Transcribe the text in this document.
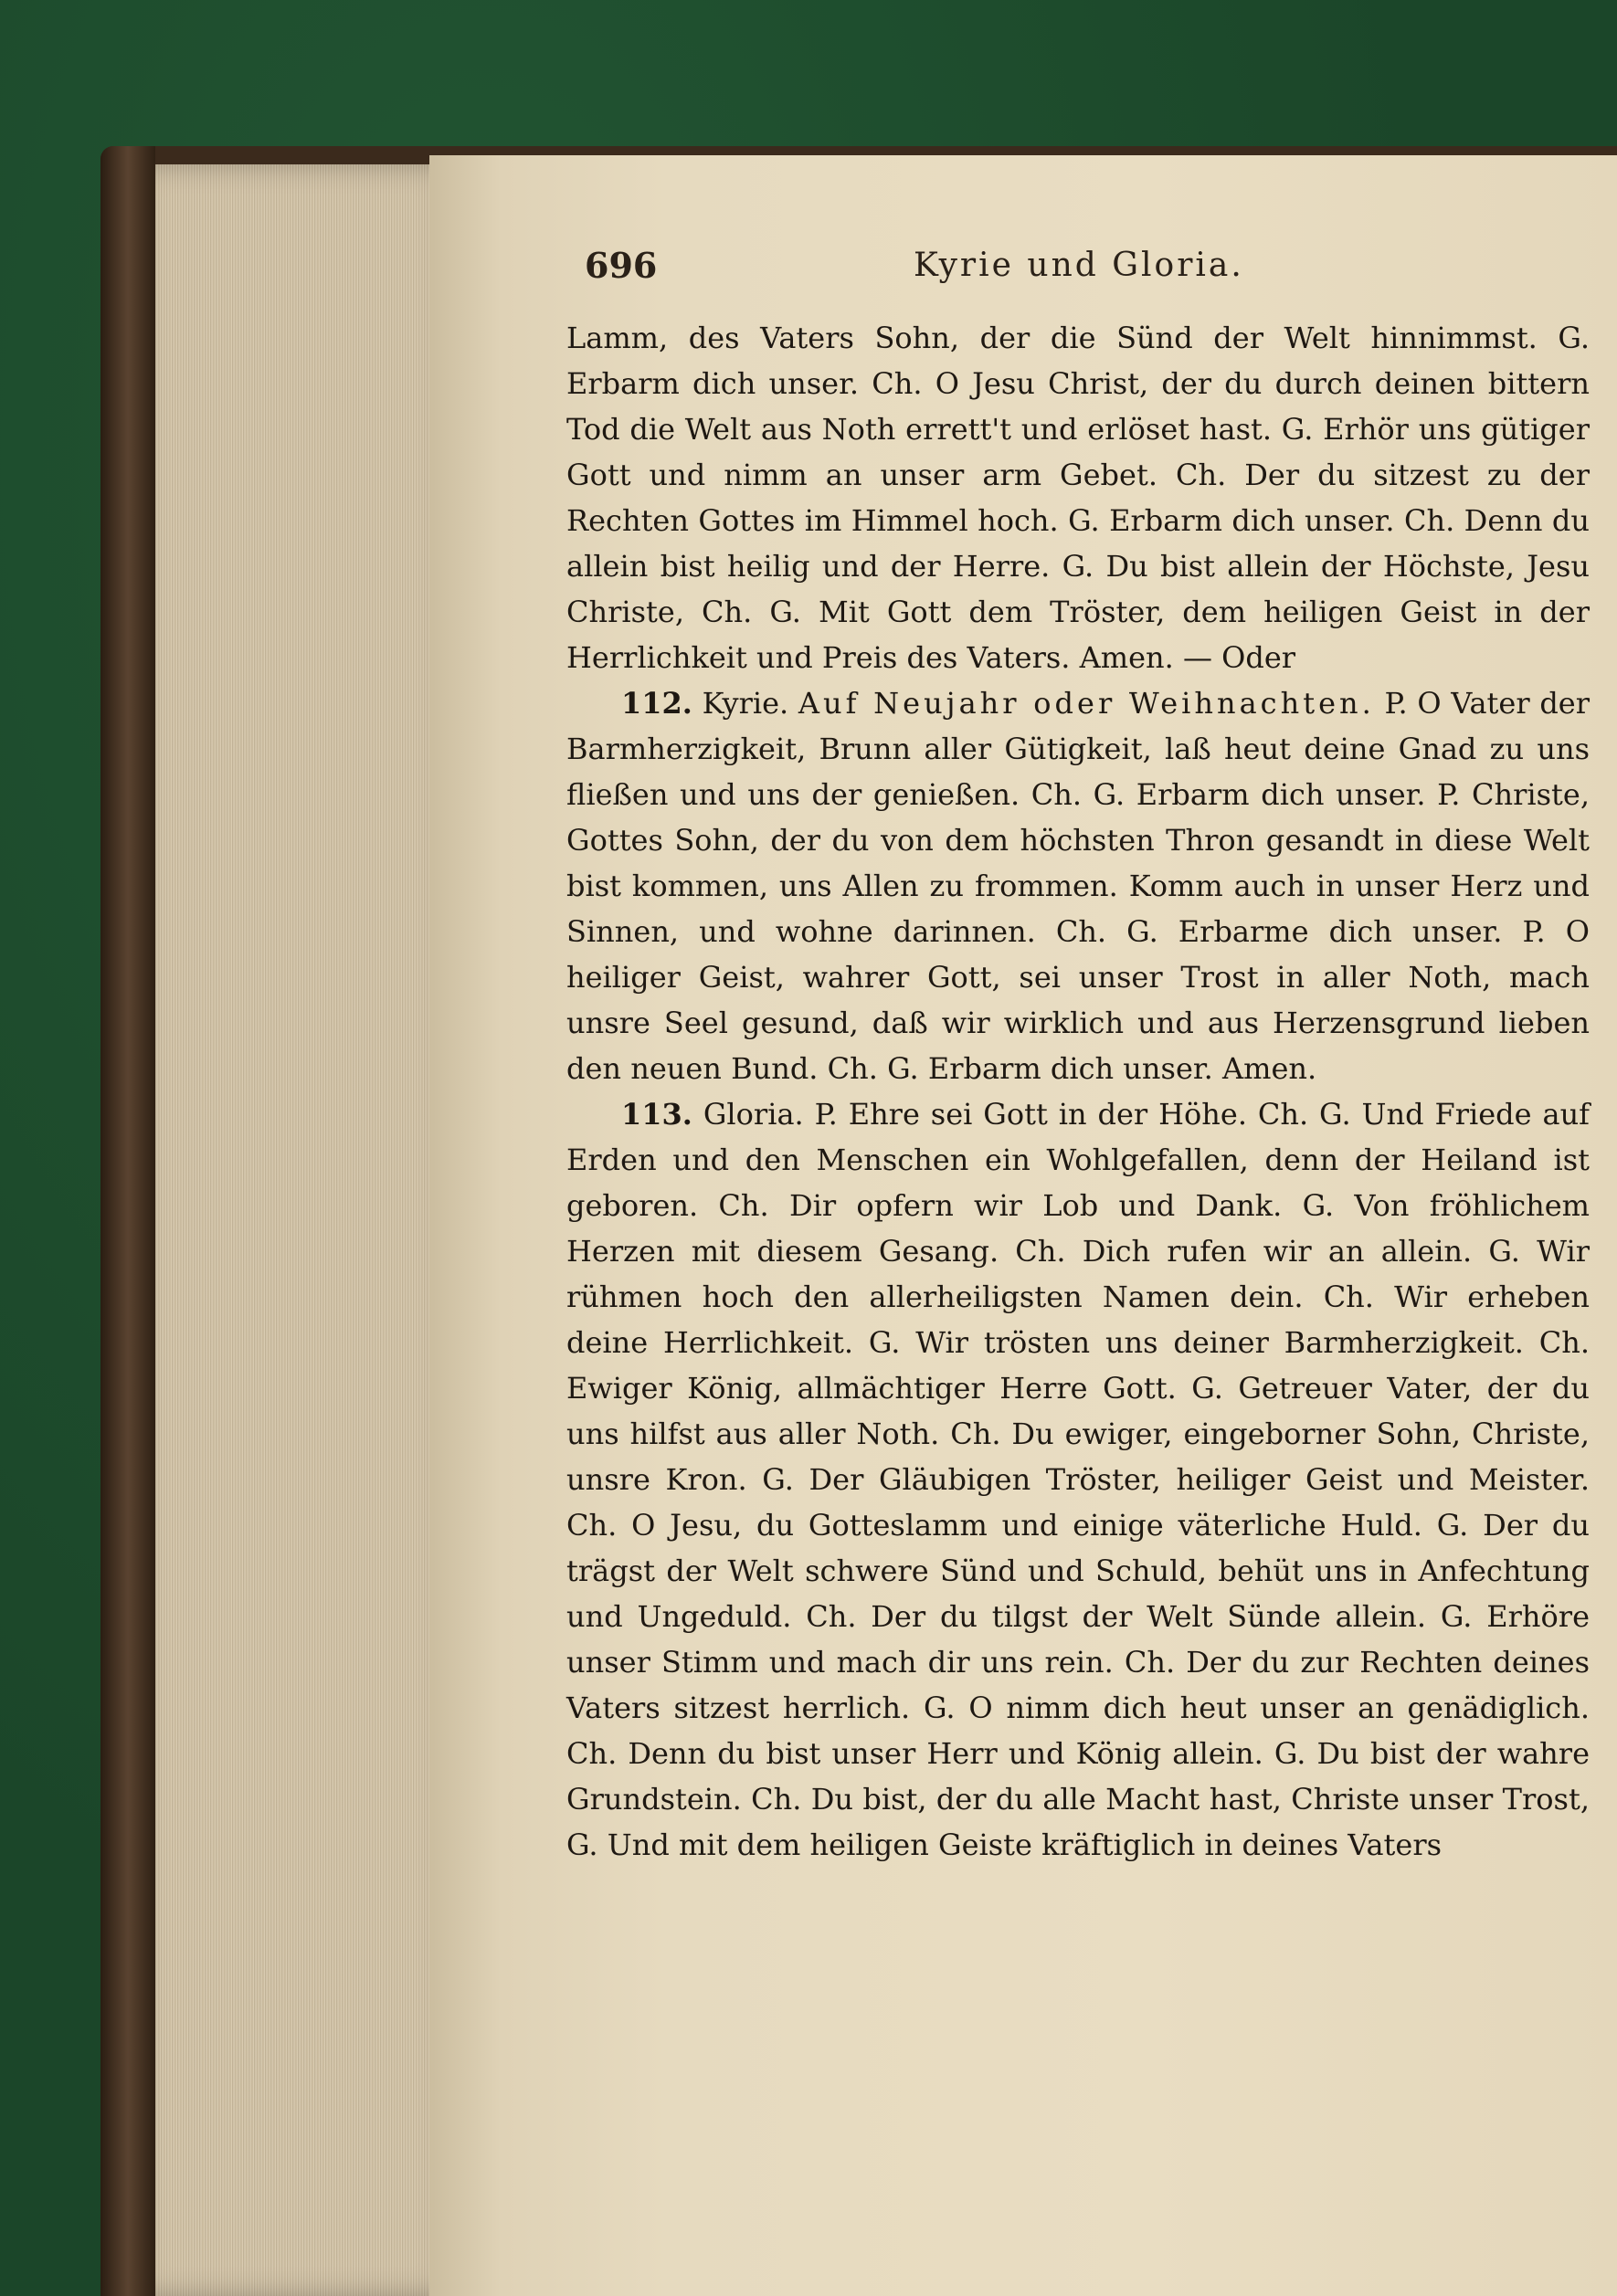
696	Kyrie und Gloria.

Lamm, des Vaters Sohn, der die Sünd der Welt hinnimmst. G. Erbarm dich unser. Ch. O Jesu Christ, der du durch deinen bittern Tod die Welt aus Noth errett't und erlöset hast. G. Erhör uns gütiger Gott und nimm an unser arm Gebet. Ch. Der du sitzest zu der Rechten Gottes im Himmel hoch. G. Erbarm dich unser. Ch. Denn du allein bist heilig und der Herre. G. Du bist allein der Höchste, Jesu Christe, Ch. G. Mit Gott dem Tröster, dem heiligen Geist in der Herrlichkeit und Preis des Vaters. Amen. — Oder

112. Kyrie. Auf Neujahr oder Weihnachten. P. O Vater der Barmherzigkeit, Brunn aller Gütigkeit, laß heut deine Gnad zu uns fließen und uns der genießen. Ch. G. Erbarm dich unser. P. Christe, Gottes Sohn, der du von dem höchsten Thron gesandt in diese Welt bist kommen, uns Allen zu frommen. Komm auch in unser Herz und Sinnen, und wohne darinnen. Ch. G. Erbarme dich unser. P. O heiliger Geist, wahrer Gott, sei unser Trost in aller Noth, mach unsre Seel gesund, daß wir wirklich und aus Herzensgrund lieben den neuen Bund. Ch. G. Erbarm dich unser. Amen.

113. Gloria. P. Ehre sei Gott in der Höhe. Ch. G. Und Friede auf Erden und den Menschen ein Wohlgefallen, denn der Heiland ist geboren. Ch. Dir opfern wir Lob und Dank. G. Von fröhlichem Herzen mit diesem Gesang. Ch. Dich rufen wir an allein. G. Wir rühmen hoch den allerheiligsten Namen dein. Ch. Wir erheben deine Herrlichkeit. G. Wir trösten uns deiner Barmherzigkeit. Ch. Ewiger König, allmächtiger Herre Gott. G. Getreuer Vater, der du uns hilfst aus aller Noth. Ch. Du ewiger, eingeborner Sohn, Christe, unsre Kron. G. Der Gläubigen Tröster, heiliger Geist und Meister. Ch. O Jesu, du Gotteslamm und einige väterliche Huld. G. Der du trägst der Welt schwere Sünd und Schuld, behüt uns in Anfechtung und Ungeduld. Ch. Der du tilgst der Welt Sünde allein. G. Erhöre unser Stimm und mach dir uns rein. Ch. Der du zur Rechten deines Vaters sitzest herrlich. G. O nimm dich heut unser an genädiglich. Ch. Denn du bist unser Herr und König allein. G. Du bist der wahre Grundstein. Ch. Du bist, der du alle Macht hast, Christe unser Trost, G. Und mit dem heiligen Geiste kräftiglich in deines Vaters
